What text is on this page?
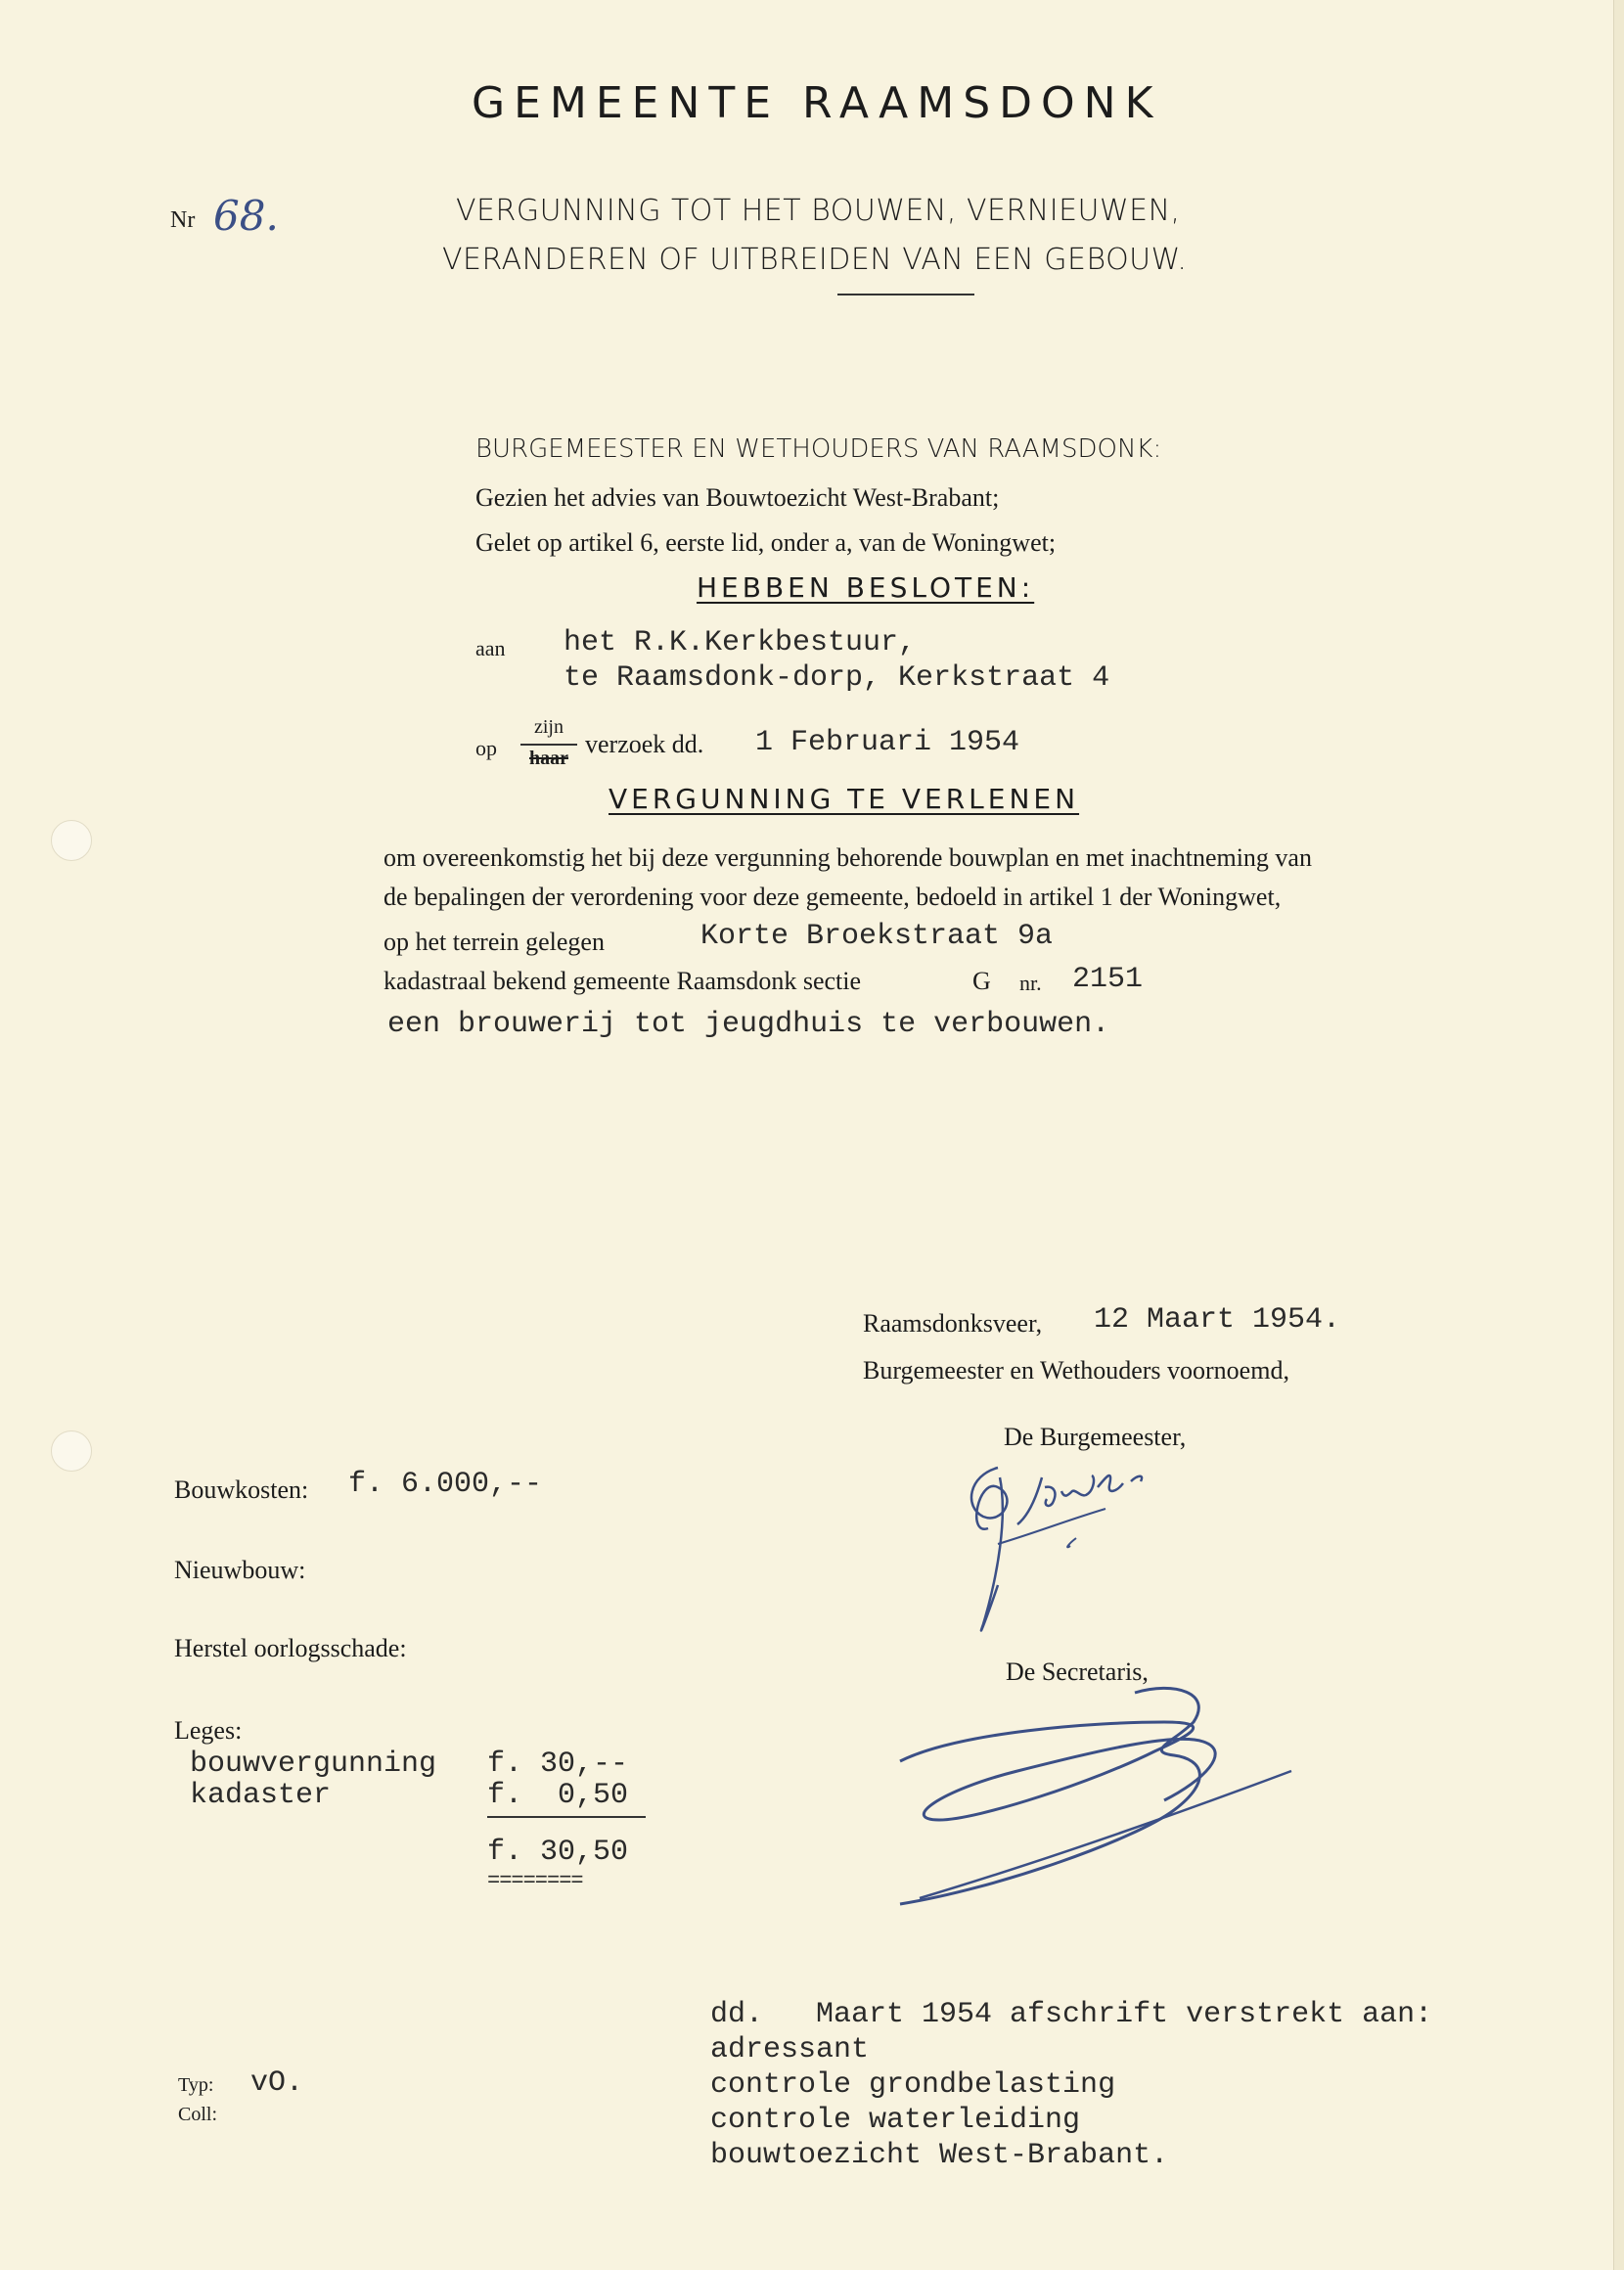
GEMEENTE RAAMSDONK
Nr 68.	VERGUNNING TOT HET BOUWEN, VERNIEUWEN,
VERANDEREN OF UITBREIDEN VAN EEN GEBOUW.
BURGEMEESTER EN WETHOUDERS VAN RAAMSDONK:
Gezien het advies van Bouwtoezicht West-Brabant;
Gelet op artikel 6, eerste lid, onder a, van de Woningwet;
HEBBEN BESLOTEN:
aan het R.K.Kerkbestuur,
te Raamsdonk-dorp, Kerkstraat 4
op
zijn
haar verzoek dd. 1 Februari 1954
VERGUNNING TE VERLENEN
om overeenkomstig het bij deze vergunning behorende bouwplan en met inachtneming van
de bepalingen der verordening voor deze gemeente, bedoeld in artikel 1 der Woningwet,
op het terrein gelegen	Korte Broekstraat 9a
kadastraal bekend gemeente Raamsdonk sectie	G nr. 2151
een brouwerij tot jeugdhuis te verbouwen.
Raamsdonksveer, 12 Maart 1954.
Burgemeester en Wethouders voornoemd,
De Burgemeester,
De Secretaris,
Bouwkosten: f. 6.000,--
Nieuwbouw:
Herstel oorlogsschade:
Leges:
bouwvergunning f. 30,--
kadaster	f.  0,50
f. 30,50
========
dd.   Maart 1954 afschrift verstrekt aan:
adressant
controle grondbelasting
controle waterleiding
bouwtoezicht West-Brabant.
Typ: vO.
Coll:
